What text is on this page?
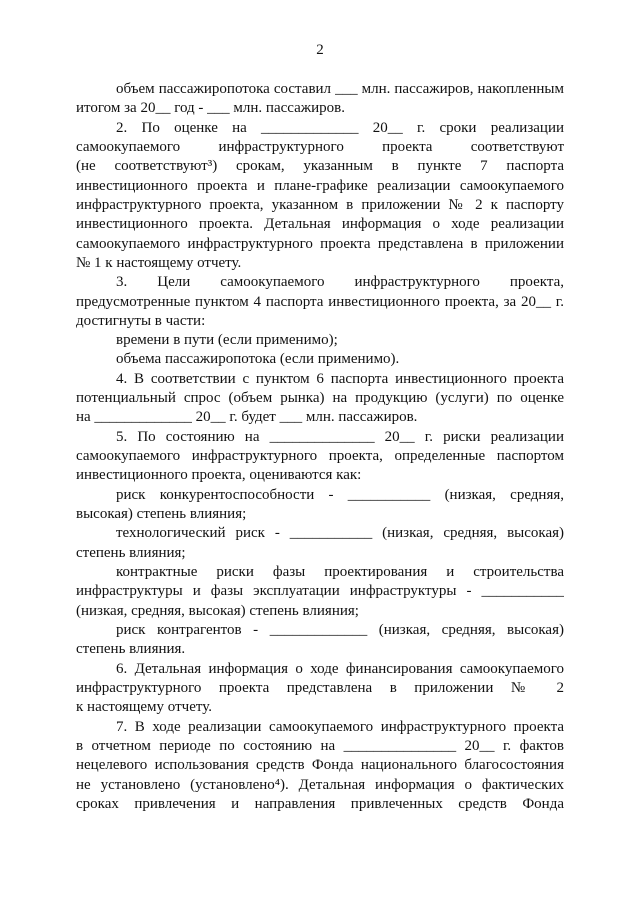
2
объем пассажиропотока составил ___ млн. пассажиров, накопленным
итогом за 20__ год - ___ млн. пассажиров.
2. По оценке на _____________ 20__ г. сроки реализации
самоокупаемого инфраструктурного проекта соответствуют
(не соответствуют³) срокам, указанным в пункте 7 паспорта
инвестиционного проекта и плане-графике реализации самоокупаемого
инфраструктурного проекта, указанном в приложении № 2 к паспорту
инвестиционного проекта. Детальная информация о ходе реализации
самоокупаемого инфраструктурного проекта представлена в приложении
№ 1 к настоящему отчету.
3. Цели самоокупаемого инфраструктурного проекта,
предусмотренные пунктом 4 паспорта инвестиционного проекта, за 20__ г.
достигнуты в части:
времени в пути (если применимо);
объема пассажиропотока (если применимо).
4. В соответствии с пунктом 6 паспорта инвестиционного проекта
потенциальный спрос (объем рынка) на продукцию (услуги) по оценке
на _____________ 20__ г. будет ___ млн. пассажиров.
5. По состоянию на ______________ 20__ г. риски реализации
самоокупаемого инфраструктурного проекта, определенные паспортом
инвестиционного проекта, оцениваются как:
риск конкурентоспособности - ___________ (низкая, средняя,
высокая) степень влияния;
технологический риск - ___________ (низкая, средняя, высокая)
степень влияния;
контрактные риски фазы проектирования и строительства
инфраструктуры и фазы эксплуатации инфраструктуры - ___________
(низкая, средняя, высокая) степень влияния;
риск контрагентов - _____________ (низкая, средняя, высокая)
степень влияния.
6. Детальная информация о ходе финансирования самоокупаемого
инфраструктурного проекта представлена в приложении № 2
к настоящему отчету.
7. В ходе реализации самоокупаемого инфраструктурного проекта
в отчетном периоде по состоянию на _______________ 20__ г. фактов
нецелевого использования средств Фонда национального благосостояния
не установлено (установлено⁴). Детальная информация о фактических
сроках привлечения и направления привлеченных средств Фонда
